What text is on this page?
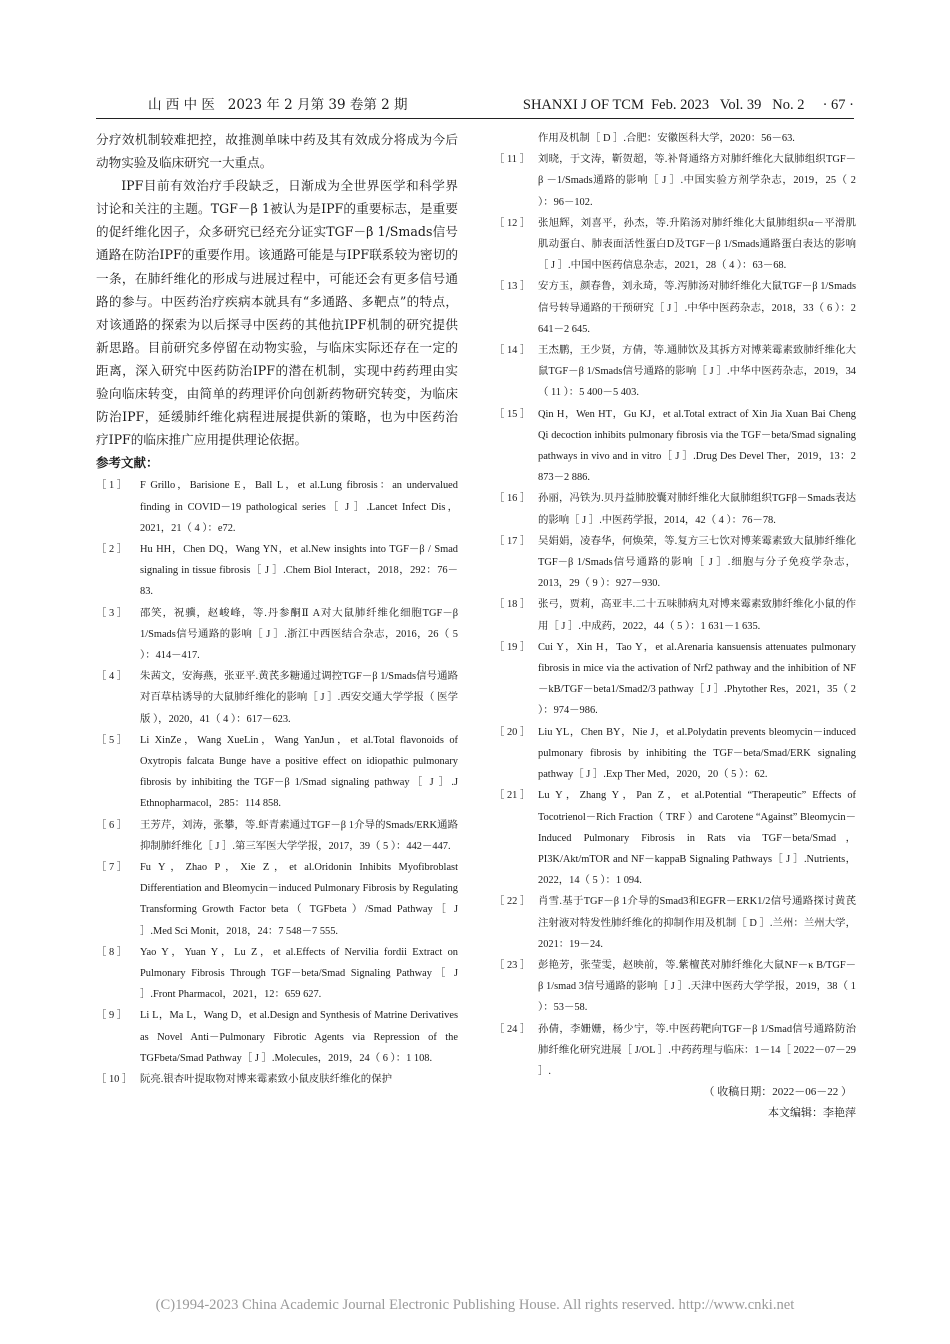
山 西 中 医   2023 年 2 月第 39 卷第 2 期	SHANXI J OF TCM  Feb. 2023   Vol. 39   No. 2     · 67 ·

分疗效机制较难把控，故推测单味中药及其有效成分将成为今后动物实验及临床研究一大重点。

IPF目前有效治疗手段缺乏，日渐成为全世界医学和科学界讨论和关注的主题。TGF－β 1被认为是IPF的重要标志，是重要的促纤维化因子，众多研究已经充分证实TGF－β 1/Smads信号通路在防治IPF的重要作用。该通路可能是与IPF联系较为密切的一条，在肺纤维化的形成与进展过程中，可能还会有更多信号通路的参与。中医药治疗疾病本就具有“多通路、多靶点”的特点，对该通路的探索为以后探寻中医药的其他抗IPF机制的研究提供新思路。目前研究多停留在动物实验，与临床实际还存在一定的距离，深入研究中医药防治IPF的潜在机制，实现中药药理由实验向临床转变，由简单的药理评价向创新药物研究转变，为临床防治IPF，延缓肺纤维化病程进展提供新的策略，也为中医药治疗IPF的临床推广应用提供理论依据。

参考文献：
［ 1 ］	F Grillo，Barisione E，Ball L，et al.Lung fibrosis：an undervalued finding in COVID－19 pathological series［ J ］.Lancet Infect Dis，2021，21（ 4 ）：e72.
［ 2 ］	Hu HH，Chen DQ，Wang YN，et al.New insights into TGF－β / Smad signaling in tissue fibrosis［ J ］.Chem Biol Interact，2018，292：76－83.
［ 3 ］	邵笑，祝骥，赵峻峰，等.丹参酮Ⅱ A对大鼠肺纤维化细胞TGF－β 1/Smads信号通路的影响［ J ］.浙江中西医结合杂志，2016，26（ 5 ）：414－417.
［ 4 ］	朱茜文，安海燕，张亚平.黄芪多糖通过调控TGF－β 1/Smads信号通路对百草枯诱导的大鼠肺纤维化的影响［ J ］.西安交通大学学报（ 医学版 ），2020，41（ 4 ）：617－623.
［ 5 ］	Li XinZe，Wang XueLin，Wang YanJun，et al.Total flavonoids of Oxytropis falcata Bunge have a positive effect on idiopathic pulmonary fibrosis by inhibiting the TGF－β 1/Smad signaling pathway［ J ］.J Ethnopharmacol，285：114 858.
［ 6 ］	王芳芹，刘涛，张攀，等.虾青素通过TGF－β 1介导的Smads/ERK通路抑制肺纤维化［ J ］.第三军医大学学报，2017，39（ 5 ）：442－447.
［ 7 ］	Fu Y，Zhao P，Xie Z，et al.Oridonin Inhibits Myofibroblast Differentiation and Bleomycin－induced Pulmonary Fibrosis by Regulating Transforming Growth Factor beta（ TGFbeta ）/Smad Pathway［ J ］.Med Sci Monit，2018，24：7 548－7 555.
［ 8 ］	Yao Y，Yuan Y，Lu Z，et al.Effects of Nervilia fordii Extract on Pulmonary Fibrosis Through TGF－beta/Smad Signaling Pathway［ J ］.Front Pharmacol，2021，12：659 627.
［ 9 ］	Li L，Ma L，Wang D，et al.Design and Synthesis of Matrine Derivatives as Novel Anti－Pulmonary Fibrotic Agents via Repression of the TGFbeta/Smad Pathway［ J ］.Molecules，2019，24（ 6 ）：1 108.
［ 10 ］ 阮亮.银杏叶提取物对博来霉素致小鼠皮肤纤维化的保护
作用及机制［ D ］.合肥：安徽医科大学，2020：56－63.
［ 11 ］ 刘晓，于文涛，靳贺超，等.补肾通络方对肺纤维化大鼠肺组织TGF－β －1/Smads通路的影响［ J ］.中国实验方剂学杂志，2019，25（ 2 ）：96－102.
［ 12 ］ 张旭辉，刘喜平，孙杰，等.升陷汤对肺纤维化大鼠肺组织α－平滑肌肌动蛋白、肺表面活性蛋白D及TGF－β 1/Smads通路蛋白表达的影响［ J ］.中国中医药信息杂志，2021，28（ 4 ）：63－68.
［ 13 ］ 安方玉，颜春鲁，刘永琦，等.泻肺汤对肺纤维化大鼠TGF－β 1/Smads信号转导通路的干预研究［ J ］.中华中医药杂志，2018，33（ 6 ）：2 641－2 645.
［ 14 ］ 王杰鹏，王少贤，方倩，等.通肺饮及其拆方对博莱霉素致肺纤维化大鼠TGF－β 1/Smads信号通路的影响［ J ］.中华中医药杂志，2019，34（ 11 ）：5 400－5 403.
［ 15 ］ Qin H，Wen HT，Gu KJ，et al.Total extract of Xin Jia Xuan Bai Cheng Qi decoction inhibits pulmonary fibrosis via the TGF－beta/Smad signaling pathways in vivo and in vitro［ J ］.Drug Des Devel Ther，2019，13：2 873－2 886.
［ 16 ］ 孙丽，冯铁为.贝丹益肺胶囊对肺纤维化大鼠肺组织TGFβ－Smads表达的影响［ J ］.中医药学报，2014，42（ 4 ）：76－78.
［ 17 ］ 吴娟娟，凌春华，何焕荣，等.复方三七饮对博莱霉素致大鼠肺纤维化TGF－β 1/Smads信号通路的影响［ J ］.细胞与分子免疫学杂志，2013，29（ 9 ）：927－930.
［ 18 ］ 张弓，贾莉，高亚丰.二十五味肺病丸对博来霉素致肺纤维化小鼠的作用［ J ］.中成药，2022，44（ 5 ）：1 631－1 635.
［ 19 ］ Cui Y，Xin H，Tao Y，et al.Arenaria kansuensis attenuates pulmonary fibrosis in mice via the activation of Nrf2 pathway and the inhibition of NF－kB/TGF－beta1/Smad2/3 pathway［ J ］.Phytother Res，2021，35（ 2 ）：974－986.
［ 20 ］ Liu YL，Chen BY，Nie J，et al.Polydatin prevents bleomycin－induced pulmonary fibrosis by inhibiting the TGF－beta/Smad/ERK signaling pathway［ J ］.Exp Ther Med，2020，20（ 5 ）：62.
［ 21 ］ Lu Y，Zhang Y，Pan Z，et al.Potential “Therapeutic” Effects of Tocotrienol－Rich Fraction（ TRF ）and Carotene “Against” Bleomycin－Induced Pulmonary Fibrosis in Rats via TGF－beta/Smad，PI3K/Akt/mTOR and NF－kappaB Signaling Pathways［ J ］.Nutrients，2022，14（ 5 ）：1 094.
［ 22 ］ 肖雪.基于TGF－β 1介导的Smad3和EGFR－ERK1/2信号通路探讨黄芪注射液对特发性肺纤维化的抑制作用及机制［ D ］.兰州：兰州大学，2021：19－24.
［ 23 ］ 彭艳芳，张莹雯，赵映前，等.紫檀芪对肺纤维化大鼠NF－κ B/TGF－β 1/smad 3信号通路的影响［ J ］.天津中医药大学学报，2019，38（ 1 ）：53－58.
［ 24 ］ 孙倩，李姗姗，杨少宁，等.中医药靶向TGF－β 1/Smad信号通路防治肺纤维化研究进展［ J/OL ］.中药药理与临床：1－14［ 2022－07－29 ］.
（ 收稿日期：2022－06－22 ）
本文编辑：李艳萍
(C)1994-2023 China Academic Journal Electronic Publishing House. All rights reserved. http://www.cnki.net
